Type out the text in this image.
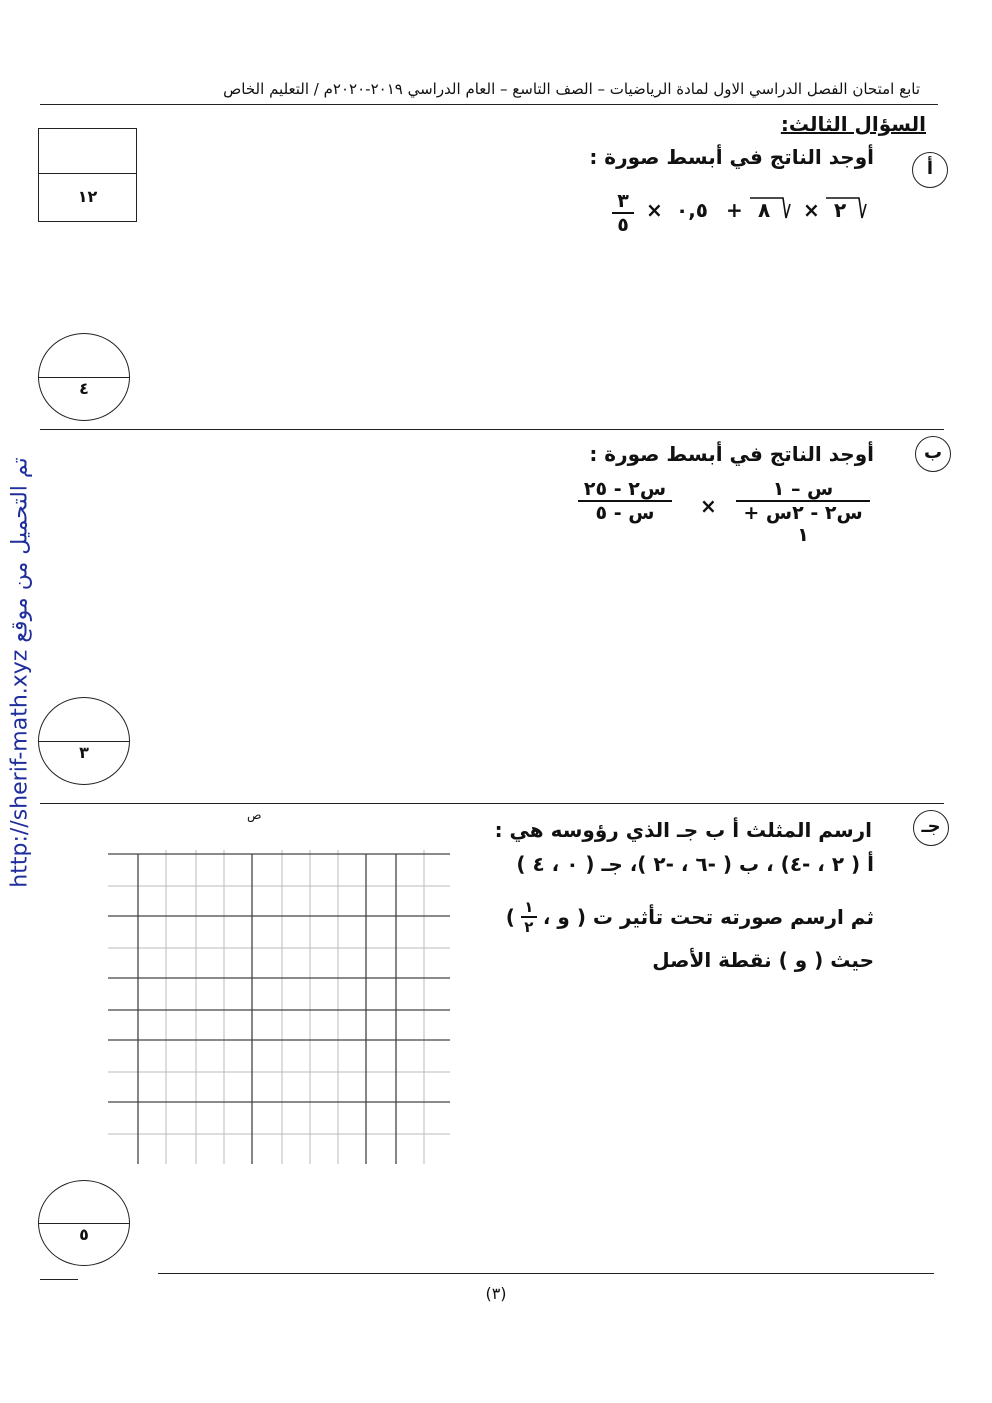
تابع امتحان الفصل الدراسي الاول لمادة الرياضيات – الصف التاسع – العام الدراسي ٢٠١٩-٢٠٢٠م / التعليم الخاص
السؤال الثالث:
١٢
http://sherif-math.xyz تم التحميل من موقع
أ
أوجد الناتج في أبسط صورة :
٣
٥
× ٠,٥ + ٨ × ٢
٤
ب
أوجد الناتج في أبسط صورة :
س – ١
س٢ - ٢س + ١
×
س٢ - ٢٥
س - ٥
٣
جـ
ارسم المثلث أ ب جـ الذي رؤوسه هي :
أ ( ٢ ، -٤) ، ب ( -٦ ، -٢ )، جـ ( ٠ ، ٤ )
ثم ارسم صورته تحت تأثير ت ( و ،
$\frac{١}{٢}$
)
حيث ( و ) نقطة الأصل
ص
٥
(٣)
